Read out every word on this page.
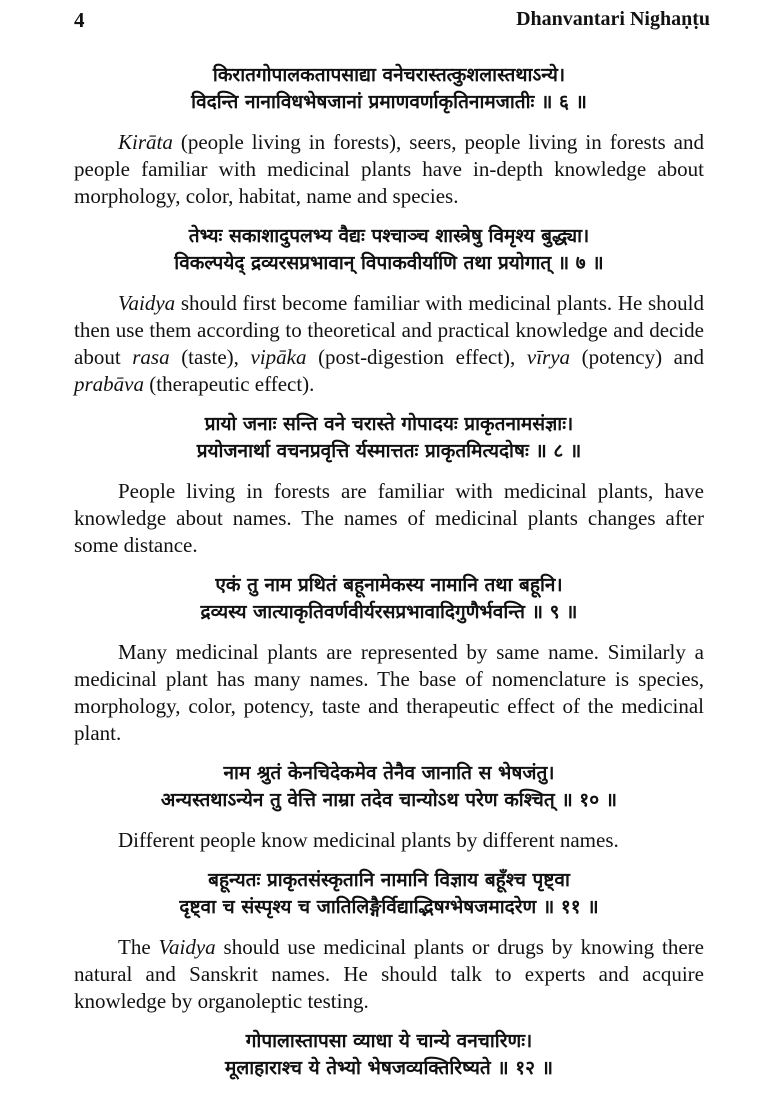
4	Dhanvantari Nighaṇṭu
किरातगोपालकतापसाद्या वनेचरास्तत्कुशलास्तथाऽन्ये।
विदन्ति नानाविधभेषजानां प्रमाणवर्णाकृतिनामजातीः ॥ ६ ॥

Kirāta (people living in forests), seers, people living in forests and people familiar with medicinal plants have in-depth knowledge about morphology, color, habitat, name and species.

तेभ्यः सकाशादुपलभ्य वैद्यः पश्चाञ्च शास्त्रेषु विमृश्य बुद्ध्या।
विकल्पयेद् द्रव्यरसप्रभावान् विपाकवीर्याणि तथा प्रयोगात् ॥ ७ ॥

Vaidya should first become familiar with medicinal plants. He should then use them according to theoretical and practical knowledge and decide about rasa (taste), vipāka (post-digestion effect), vīrya (potency) and prabāva (therapeutic effect).

प्रायो जनाः सन्ति वने चरास्ते गोपादयः प्राकृतनामसंज्ञाः।
प्रयोजनार्था वचनप्रवृत्ति र्यस्मात्ततः प्राकृतमित्यदोषः ॥ ८ ॥

People living in forests are familiar with medicinal plants, have knowledge about names. The names of medicinal plants changes after some distance.

एकं तु नाम प्रथितं बहूनामेकस्य नामानि तथा बहूनि।
द्रव्यस्य जात्याकृतिवर्णवीर्यरसप्रभावादिगुणैर्भवन्ति ॥ ९ ॥

Many medicinal plants are represented by same name. Similarly a medicinal plant has many names. The base of nomenclature is species, morphology, color, potency, taste and therapeutic effect of the medicinal plant.

नाम श्रुतं केनचिदेकमेव तेनैव जानाति स भेषजंतु।
अन्यस्तथाऽन्येन तु वेत्ति नाम्रा तदेव चान्योऽथ परेण कश्चित् ॥ १० ॥

Different people know medicinal plants by different names.

बहून्यतः प्राकृतसंस्कृतानि नामानि विज्ञाय बहूँश्च पृष्ट्वा
दृष्ट्वा च संस्पृश्य च जातिलिङ्गैर्विद्याद्भिषग्भेषजमादरेण ॥ ११ ॥

The Vaidya should use medicinal plants or drugs by knowing there natural and Sanskrit names. He should talk to experts and acquire knowledge by organoleptic testing.

गोपालास्तापसा व्याधा ये चान्ये वनचारिणः।
मूलाहाराश्च ये तेभ्यो भेषजव्यक्तिरिष्यते ॥ १२ ॥
